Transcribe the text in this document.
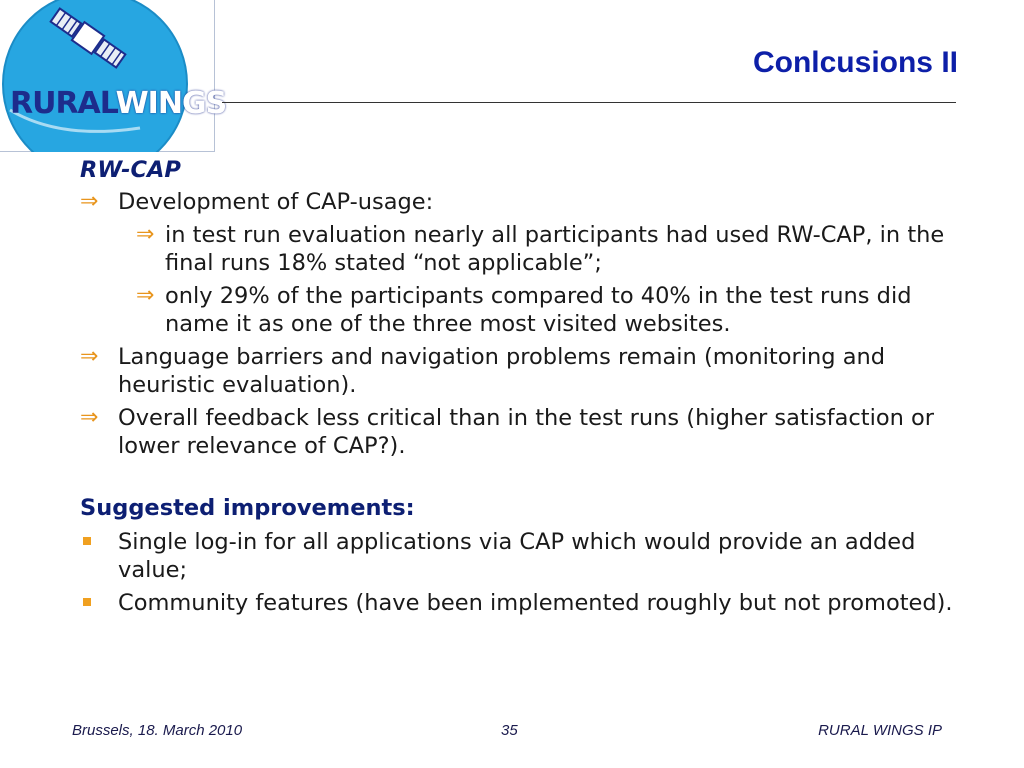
RURALWINGS
Conlcusions II
RW-CAP
⇒ Development of CAP-usage:
⇒ in test run evaluation nearly all participants had used RW-CAP, in the final runs 18% stated “not applicable”;
⇒ only 29% of the participants compared to 40% in the test runs did name it as one of the three most visited websites.
⇒ Language barriers and navigation problems remain (monitoring and heuristic evaluation).
⇒ Overall feedback less critical than in the test runs (higher satisfaction or lower relevance of CAP?).
Suggested improvements:
Single log-in for all applications via CAP which would provide an added value;
Community features (have been implemented roughly but not promoted).
Brussels, 18. March 2010	35	RURAL WINGS IP
